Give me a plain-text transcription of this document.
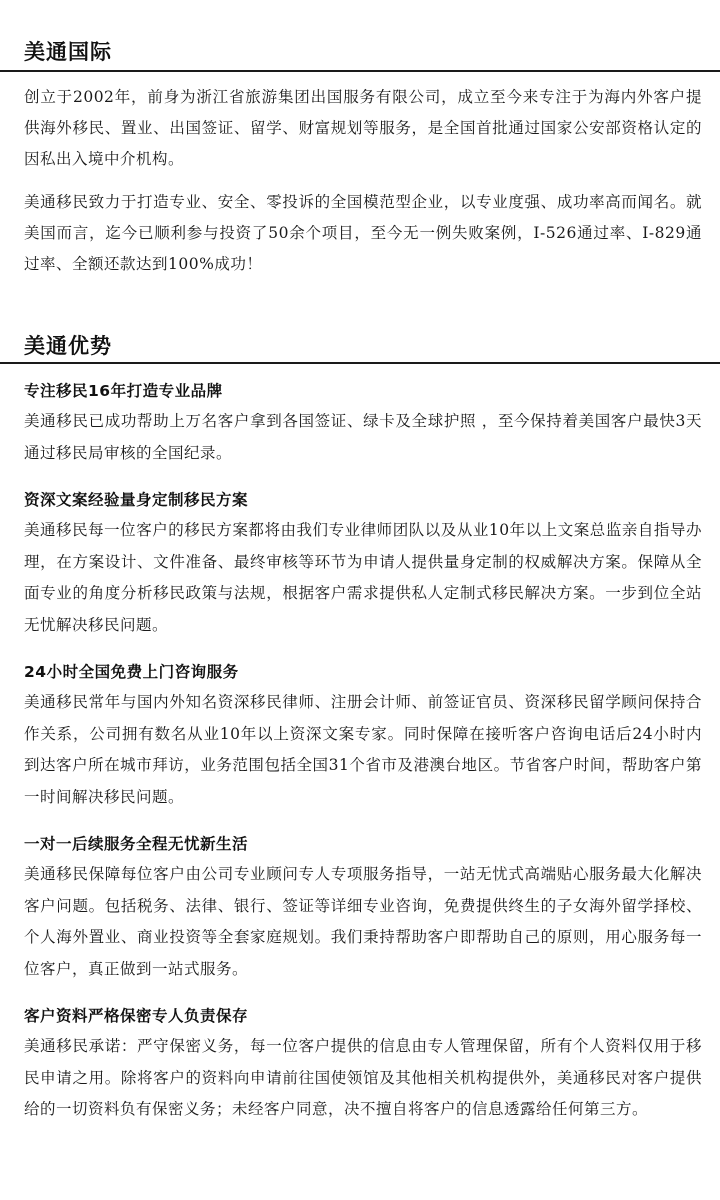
美通国际

创立于2002年，前身为浙江省旅游集团出国服务有限公司，成立至今来专注于为海内外客户提供海外移民、置业、出国签证、留学、财富规划等服务，是全国首批通过国家公安部资格认定的因私出入境中介机构。

美通移民致力于打造专业、安全、零投诉的全国模范型企业，以专业度强、成功率高而闻名。就美国而言，迄今已顺利参与投资了50余个项目，至今无一例失败案例，I-526通过率、I-829通过率、全额还款达到100%成功！

美通优势
专注移民16年打造专业品牌

美通移民已成功帮助上万名客户拿到各国签证、绿卡及全球护照 ，至今保持着美国客户最快3天通过移民局审核的全国纪录。

资深文案经验量身定制移民方案

美通移民每一位客户的移民方案都将由我们专业律师团队以及从业10年以上文案总监亲自指导办理，在方案设计、文件准备、最终审核等环节为申请人提供量身定制的权威解决方案。保障从全面专业的角度分析移民政策与法规，根据客户需求提供私人定制式移民解决方案。一步到位全站无忧解决移民问题。

24小时全国免费上门咨询服务

美通移民常年与国内外知名资深移民律师、注册会计师、前签证官员、资深移民留学顾问保持合作关系，公司拥有数名从业10年以上资深文案专家。同时保障在接听客户咨询电话后24小时内到达客户所在城市拜访，业务范围包括全国31个省市及港澳台地区。节省客户时间，帮助客户第一时间解决移民问题。

一对一后续服务全程无忧新生活

美通移民保障每位客户由公司专业顾问专人专项服务指导，一站无忧式高端贴心服务最大化解决客户问题。包括税务、法律、银行、签证等详细专业咨询，免费提供终生的子女海外留学择校、个人海外置业、商业投资等全套家庭规划。我们秉持帮助客户即帮助自己的原则，用心服务每一位客户，真正做到一站式服务。

客户资料严格保密专人负责保存

美通移民承诺：严守保密义务，每一位客户提供的信息由专人管理保留，所有个人资料仅用于移民申请之用。除将客户的资料向申请前往国使领馆及其他相关机构提供外，美通移民对客户提供给的一切资料负有保密义务；未经客户同意，决不擅自将客户的信息透露给任何第三方。
